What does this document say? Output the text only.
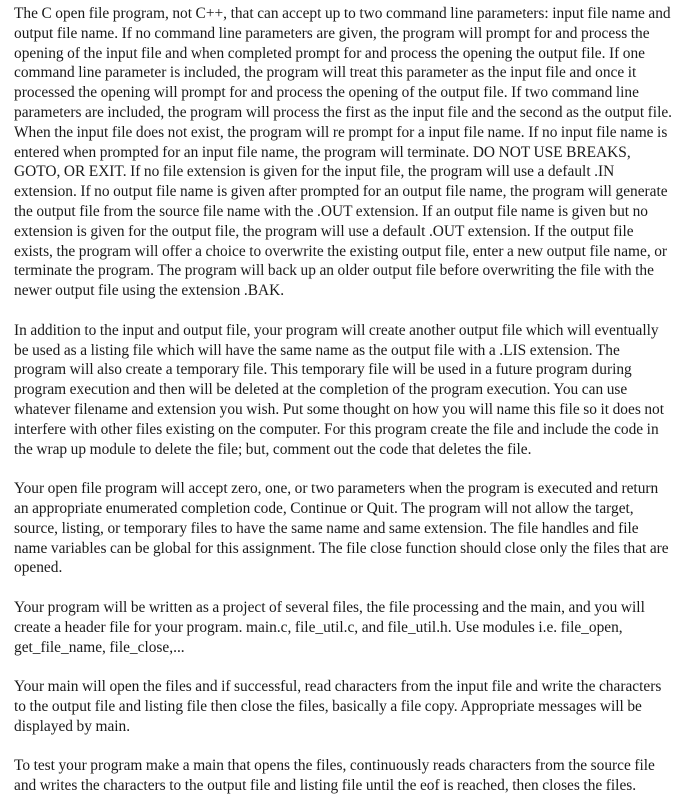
The C open file program, not C++, that can accept up to two command line parameters: input file name and output file name. If no command line parameters are given, the program will prompt for and process the opening of the input file and when completed prompt for and process the opening the output file. If one command line parameter is included, the program will treat this parameter as the input file and once it processed the opening will prompt for and process the opening of the output file. If two command line parameters are included, the program will process the first as the input file and the second as the output file. When the input file does not exist, the program will re prompt for a input file name. If no input file name is entered when prompted for an input file name, the program will terminate. DO NOT USE BREAKS, GOTO, OR EXIT. If no file extension is given for the input file, the program will use a default .IN extension. If no output file name is given after prompted for an output file name, the program will generate the output file from the source file name with the .OUT extension. If an output file name is given but no extension is given for the output file, the program will use a default .OUT extension. If the output file exists, the program will offer a choice to overwrite the existing output file, enter a new output file name, or terminate the program. The program will back up an older output file before overwriting the file with the newer output file using the extension .BAK.

In addition to the input and output file, your program will create another output file which will eventually be used as a listing file which will have the same name as the output file with a .LIS extension. The program will also create a temporary file. This temporary file will be used in a future program during program execution and then will be deleted at the completion of the program execution. You can use whatever filename and extension you wish. Put some thought on how you will name this file so it does not interfere with other files existing on the computer. For this program create the file and include the code in the wrap up module to delete the file; but, comment out the code that deletes the file.

Your open file program will accept zero, one, or two parameters when the program is executed and return an appropriate enumerated completion code, Continue or Quit. The program will not allow the target, source, listing, or temporary files to have the same name and same extension. The file handles and file name variables can be global for this assignment. The file close function should close only the files that are opened.

Your program will be written as a project of several files, the file processing and the main, and you will create a header file for your program. main.c, file_util.c, and file_util.h. Use modules i.e. file_open, get_file_name, file_close,...

Your main will open the files and if successful, read characters from the input file and write the characters to the output file and listing file then close the files, basically a file copy. Appropriate messages will be displayed by main.

To test your program make a main that opens the files, continuously reads characters from the source file and writes the characters to the output file and listing file until the eof is reached, then closes the files.
